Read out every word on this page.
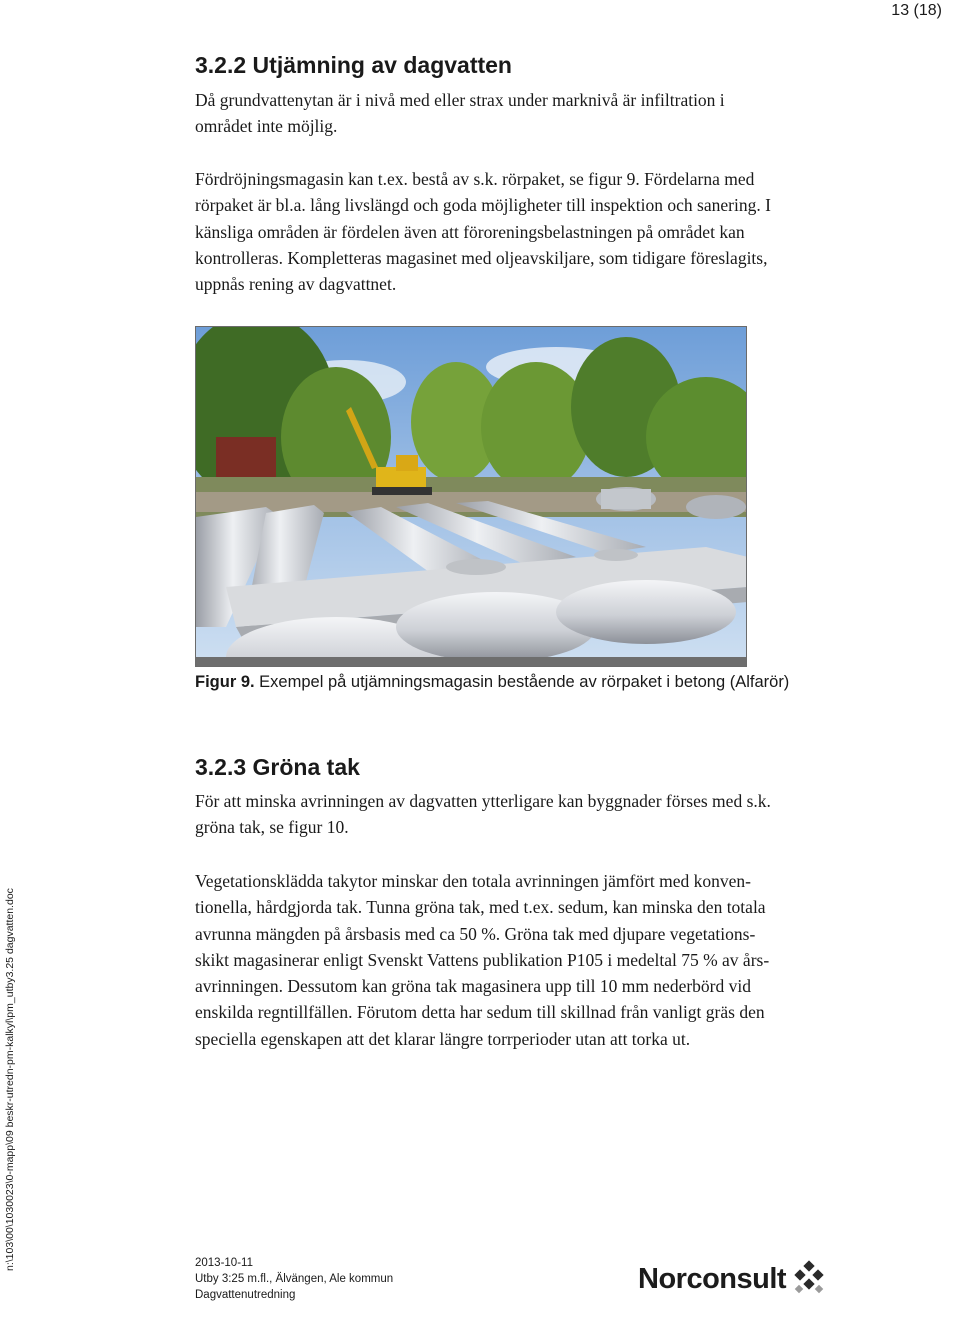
13 (18)
3.2.2 Utjämning av dagvatten
Då grundvattenytan är i nivå med eller strax under marknivå är infiltration i
området inte möjlig.
Fördröjningsmagasin kan t.ex. bestå av s.k. rörpaket, se figur 9. Fördelarna med
rörpaket är bl.a. lång livslängd och goda möjligheter till inspektion och sanering. I
känsliga områden är fördelen även att föroreningsbelastningen på området kan
kontrolleras. Kompletteras magasinet med oljeavskiljare, som tidigare föreslagits,
uppnås rening av dagvattnet.
Figur 9. Exempel på utjämningsmagasin bestående av rörpaket i betong (Alfarör)
3.2.3 Gröna tak
För att minska avrinningen av dagvatten ytterligare kan byggnader förses med s.k.
gröna tak, se figur 10.
Vegetationsklädda takytor minskar den totala avrinningen jämfört med konven-
tionella, hårdgjorda tak. Tunna gröna tak, med t.ex. sedum, kan minska den totala
avrunna mängden på årsbasis med ca 50 %. Gröna tak med djupare vegetations-
skikt magasinerar enligt Svenskt Vattens publikation P105 i medeltal 75 % av års-
avrinningen. Dessutom kan gröna tak magasinera upp till 10 mm nederbörd vid
enskilda regntillfällen. Förutom detta har sedum till skillnad från vanligt gräs den
speciella egenskapen att det klarar längre torrperioder utan att torka ut.
n:\103\00\1030023\0-mapp\09 beskr-utredn-pm-kalkyl\pm_utby3.25 dagvatten.doc	2013-10-11
Utby 3:25 m.fl., Älvängen, Ale kommun
Dagvattenutredning
Norconsult
